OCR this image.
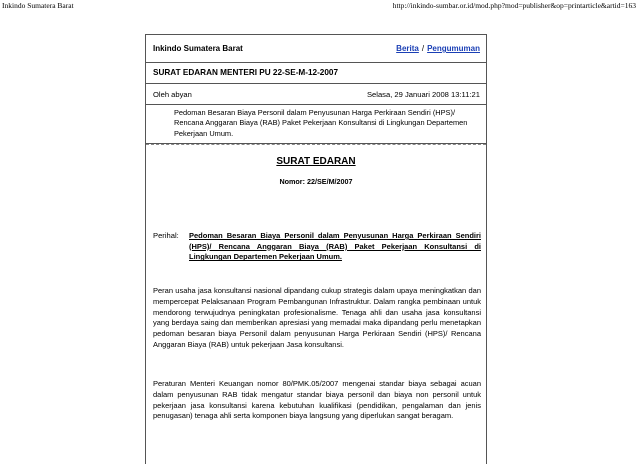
Inkindo Sumatera Barat	http://inkindo-sumbar.or.id/mod.php?mod=publisher&op=printarticle&artid=163
Inkindo Sumatera Barat	Berita / Pengumuman
SURAT EDARAN MENTERI PU 22-SE-M-12-2007
Oleh abyan	Selasa, 29 Januari 2008 13:11:21
Pedoman Besaran Biaya Personil dalam Penyusunan Harga Perkiraan Sendiri (HPS)/ Rencana Anggaran Biaya (RAB) Paket Pekerjaan Konsultansi di Lingkungan Departemen Pekerjaan Umum.
SURAT EDARAN
Nomor: 22/SE/M/2007
Perihal: Pedoman Besaran Biaya Personil dalam Penyusunan Harga Perkiraan Sendiri (HPS)/ Rencana Anggaran Biaya (RAB) Paket Pekerjaan Konsultansi di Lingkungan Departemen Pekerjaan Umum.
Peran usaha jasa konsultansi nasional dipandang cukup strategis dalam upaya meningkatkan dan mempercepat Pelaksanaan Program Pembangunan Infrastruktur. Dalam rangka pembinaan untuk mendorong terwujudnya peningkatan profesionalisme. Tenaga ahli dan usaha jasa konsultansi yang berdaya saing dan memberikan apresiasi yang memadai maka dipandang perlu menetapkan pedoman besaran biaya Personil dalam penyusunan Harga Perkiraan Sendiri (HPS)/ Rencana Anggaran Biaya (RAB) untuk pekerjaan Jasa konsultansi.
Peraturan Menteri Keuangan nomor 80/PMK.05/2007 mengenai standar biaya sebagai acuan dalam penyusunan RAB tidak mengatur standar biaya personil dan biaya non personil untuk pekerjaan jasa konsultansi karena kebutuhan kualifikasi (pendidikan, pengalaman dan jenis penugasan) tenaga ahli serta komponen biaya langsung yang diperlukan sangat beragam.
